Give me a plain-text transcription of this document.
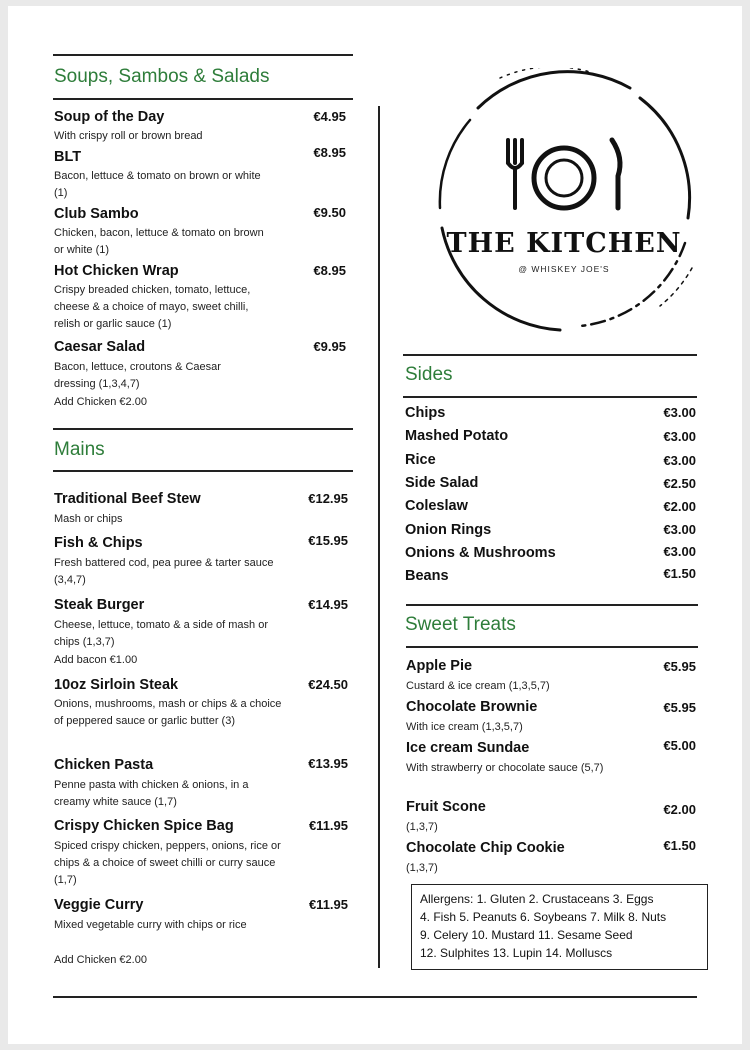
Soups, Sambos & Salads
Soup of the Day	€4.95
With crispy roll or brown bread
BLT	€8.95
Bacon, lettuce & tomato on brown or white (1)
Club Sambo	€9.50
Chicken, bacon, lettuce & tomato on brown or white (1)
Hot Chicken Wrap	€8.95
Crispy breaded chicken, tomato, lettuce, cheese & a choice of mayo, sweet chilli, relish or garlic sauce (1)
Caesar Salad	€9.95
Bacon, lettuce, croutons & Caesar dressing (1,3,4,7)
Add Chicken €2.00
Mains
Traditional Beef Stew	€12.95
Mash or chips
Fish & Chips	€15.95
Fresh battered cod, pea puree & tarter sauce (3,4,7)
Steak Burger	€14.95
Cheese, lettuce, tomato & a side of mash or chips (1,3,7)
Add bacon €1.00
10oz Sirloin Steak	€24.50
Onions, mushrooms, mash or chips & a choice of peppered sauce or garlic butter (3)
Chicken Pasta	€13.95
Penne pasta with chicken & onions, in a creamy white sauce (1,7)
Crispy Chicken Spice Bag	€11.95
Spiced crispy chicken, peppers, onions, rice or chips & a choice of sweet chilli or curry sauce (1,7)
Veggie Curry	€11.95
Mixed vegetable curry with chips or rice
Add Chicken €2.00
THE KITCHEN
@ WHISKEY JOE'S
Sides
Chips	€3.00
Mashed Potato	€3.00
Rice	€3.00
Side Salad	€2.50
Coleslaw	€2.00
Onion Rings	€3.00
Onions & Mushrooms	€3.00
Beans	€1.50
Sweet Treats
Apple Pie	€5.95
Custard & ice cream (1,3,5,7)
Chocolate Brownie	€5.95
With ice cream (1,3,5,7)
Ice cream Sundae	€5.00
With strawberry or chocolate sauce (5,7)
Fruit Scone	€2.00
(1,3,7)
Chocolate Chip Cookie	€1.50
(1,3,7)
Allergens: 1. Gluten 2. Crustaceans 3. Eggs
4. Fish 5. Peanuts 6. Soybeans 7. Milk 8. Nuts
9. Celery 10. Mustard 11. Sesame Seed
12. Sulphites 13. Lupin 14. Molluscs
